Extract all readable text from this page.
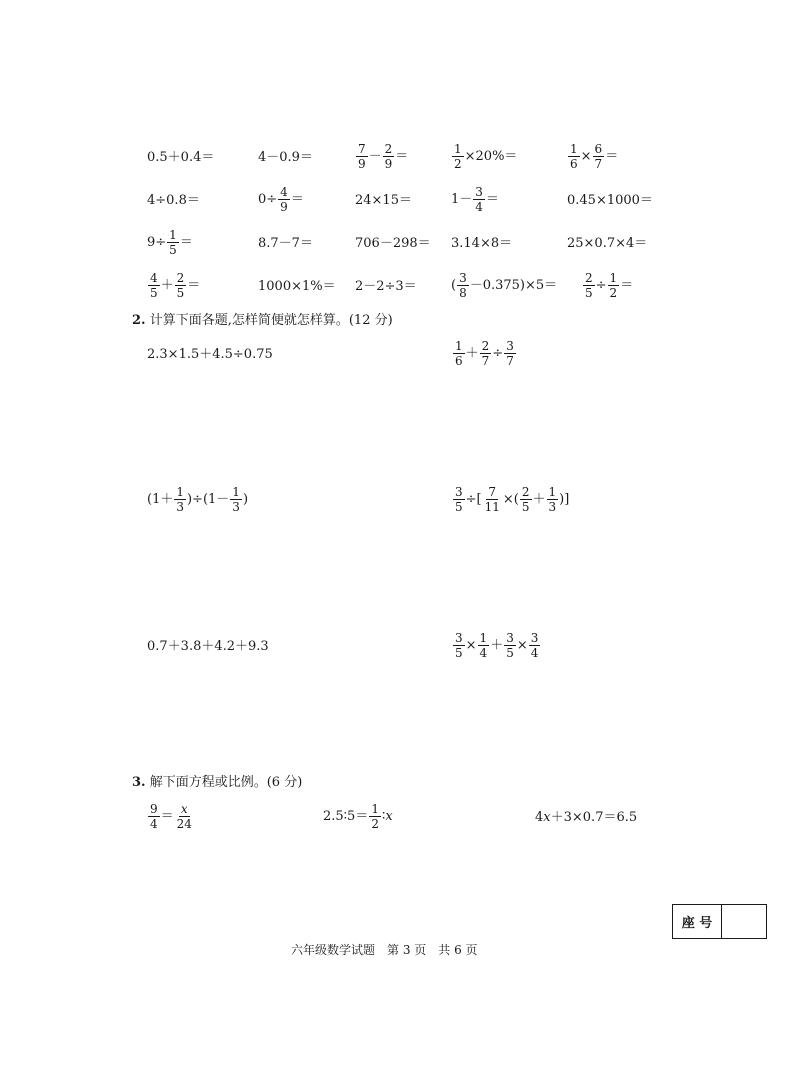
0.5＋0.4＝	4－0.9＝	$\frac{7}{9} - \frac{2}{9}$ ＝	$\frac{1}{2} \times 20\%=$	$\frac{1}{6} \times \frac{6}{7}$ ＝
4÷0.8＝	$0\div \frac{4}{9}$ ＝	24×15＝	$1- \frac{3}{4}$ ＝	0.45×1000＝
$9\div \frac{1}{5}$ ＝	8.7－7＝	706－298＝ 3.14×8＝	25×0.7×4＝
$\frac{4}{5} + \frac{2}{5}$ ＝	1000×1%＝ 2－2÷3＝	( $\frac{3}{8} -0.375)\times 5= \frac{2}{5} \div \frac{1}{2}$ ＝
2. 计算下面各题,怎样简便就怎样算。(12 分)
2.3×1.5＋4.5÷0.75	$\frac{1}{6} + \frac{2}{7} \div \frac{3}{7}$
$(1+ \frac{1}{3} )\div(1- \frac{1}{3}$ )	$\frac{3}{5}$ ÷[ $\frac{7}{11}$ ×( $\frac{2}{5} + \frac{1}{3}$ )]
0.7＋3.8＋4.2＋9.3	$\frac{3}{5} \times \frac{1}{4} + \frac{3}{5} \times \frac{3}{4}$
3. 解下面方程或比例。(6 分)
$\frac{9}{4} = \frac{x}{24}$	2.5∶5＝ $\frac{1}{2}$ ∶x	4x＋3×0.7＝6.5
座 号
六年级数学试题　第 3 页　共 6 页
